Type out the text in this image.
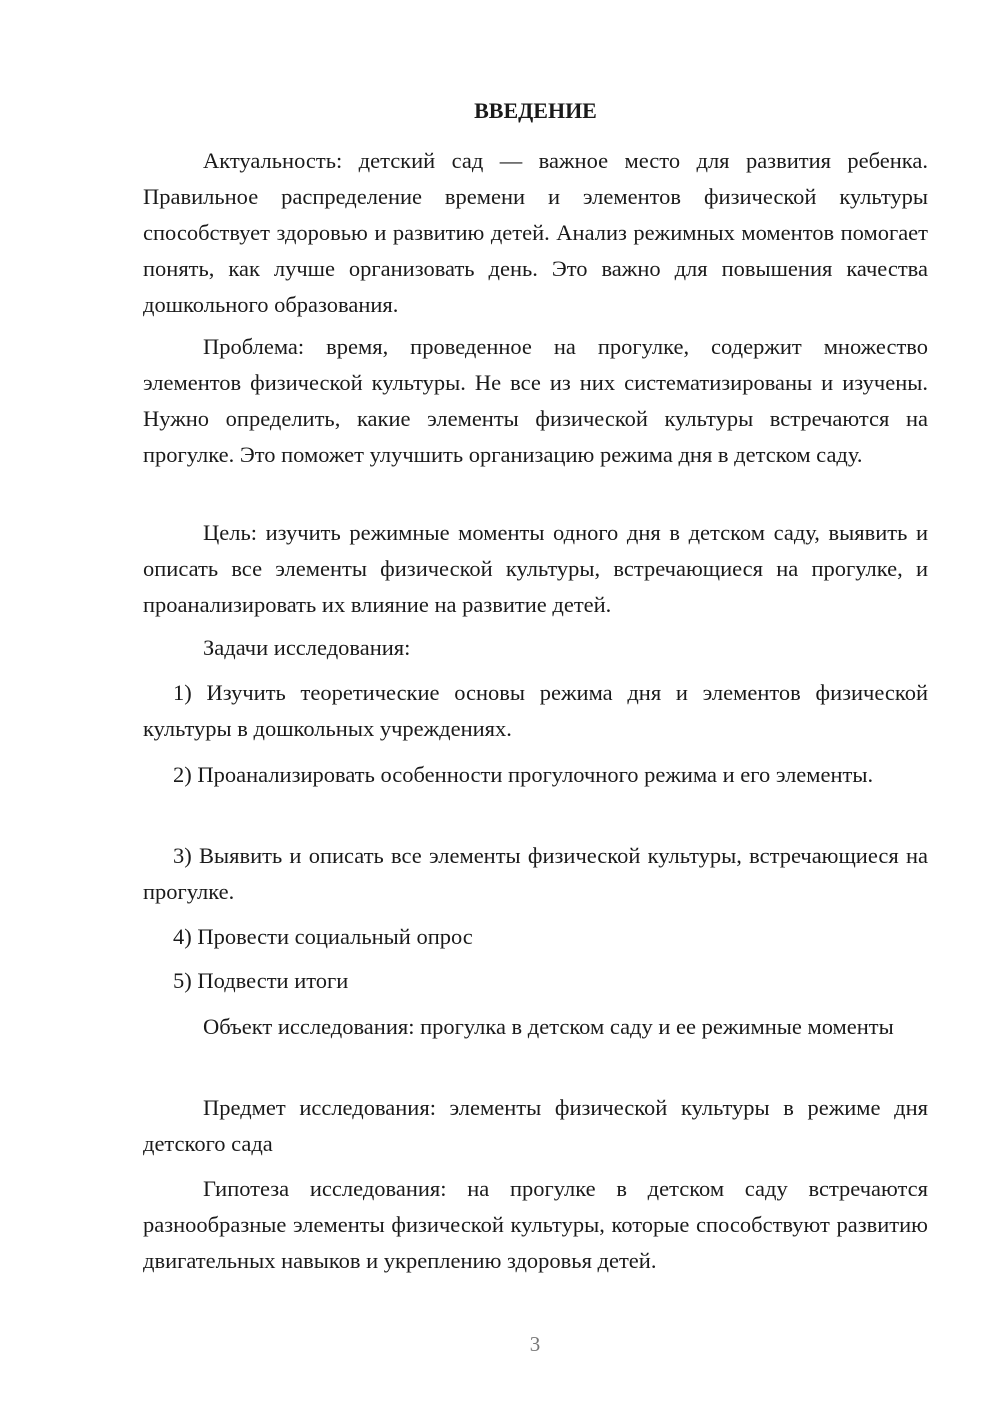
ВВЕДЕНИЕ

Актуальность: детский сад — важное место для развития ребенка. Правильное распределение времени и элементов физической культуры способствует здоровью и развитию детей. Анализ режимных моментов помогает понять, как лучше организовать день. Это важно для повышения качества дошкольного образования.

Проблема: время, проведенное на прогулке, содержит множество элементов физической культуры. Не все из них систематизированы и изучены. Нужно определить, какие элементы физической культуры встречаются на прогулке. Это поможет улучшить организацию режима дня в детском саду.

Цель: изучить режимные моменты одного дня в детском саду, выявить и описать все элементы физической культуры, встречающиеся на прогулке, и проанализировать их влияние на развитие детей.

Задачи исследования:

1) Изучить теоретические основы режима дня и элементов физической культуры в дошкольных учреждениях.

2) Проанализировать особенности прогулочного режима и его элементы.

3) Выявить и описать все элементы физической культуры, встречающиеся на прогулке.

4) Провести социальный опрос

5) Подвести итоги

Объект исследования: прогулка в детском саду и ее режимные моменты

Предмет исследования: элементы физической культуры в режиме дня детского сада

Гипотеза исследования: на прогулке в детском саду встречаются разнообразные элементы физической культуры, которые способствуют развитию двигательных навыков и укреплению здоровья детей.

3
